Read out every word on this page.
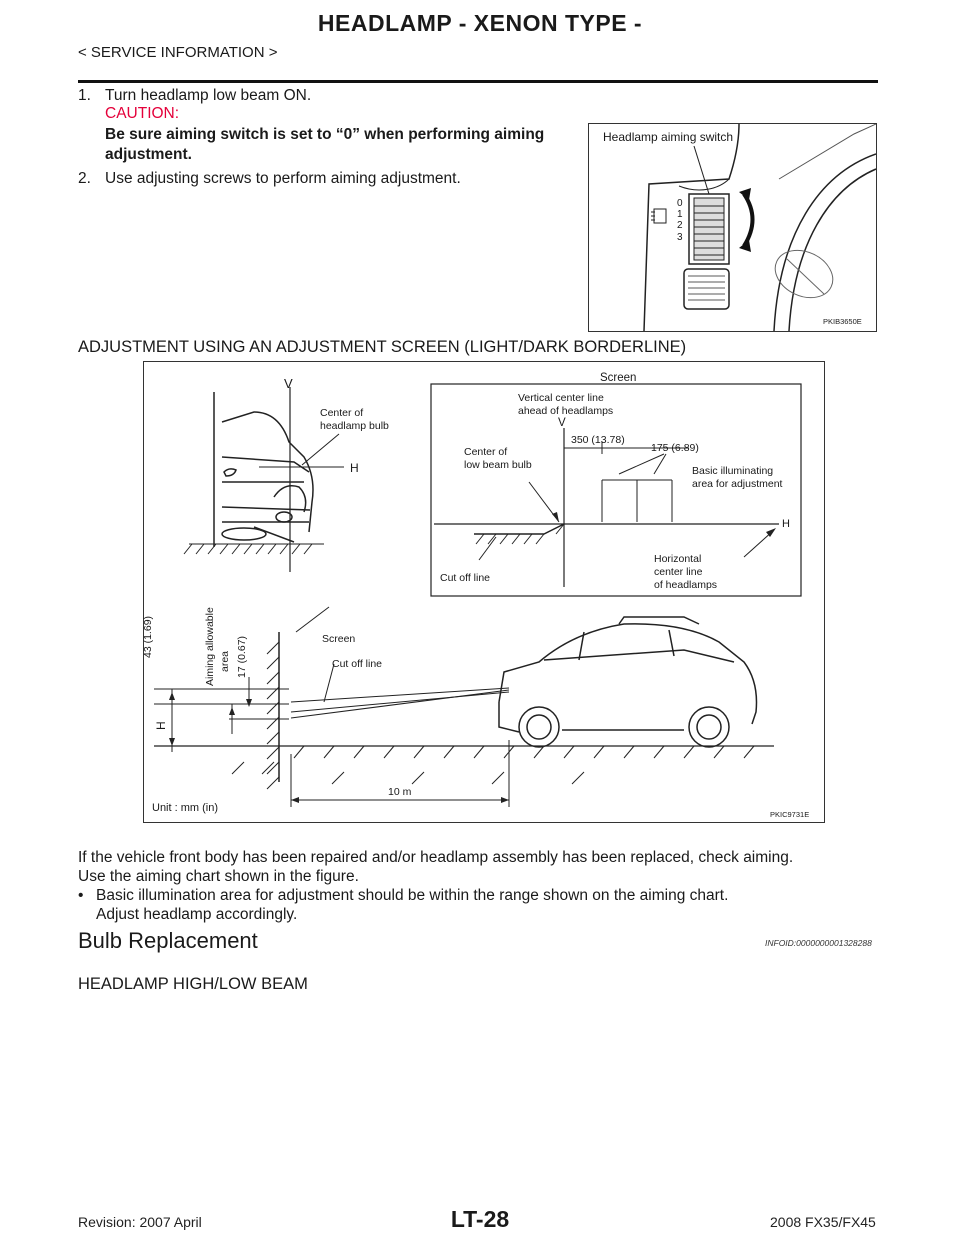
HEADLAMP - XENON TYPE -
< SERVICE INFORMATION >
1. Turn headlamp low beam ON.
CAUTION:
Be sure aiming switch is set to “0” when performing aiming
adjustment.
2. Use adjusting screws to perform aiming adjustment.
Headlamp aiming switch
0
1
2
3
PKIB3650E
ADJUSTMENT USING AN ADJUSTMENT SCREEN (LIGHT/DARK BORDERLINE)
V
Center of
headlamp bulb
H
Screen
Vertical center line
ahead of headlamps
V
350 (13.78)
175 (6.89)
Center of
low beam bulb	Basic illuminating
area for adjustment
H
Horizontal
center line
of headlamps
Cut off line
Screen
Cut off line
43 (1.69)	Aiming allowable area 17 (0.67)
H
10 m
Unit : mm (in)
PKIC9731E
If the vehicle front body has been repaired and/or headlamp assembly has been replaced, check aiming.
Use the aiming chart shown in the figure.
• Basic illumination area for adjustment should be within the range shown on the aiming chart.
Adjust headlamp accordingly.
Bulb Replacement	INFOID:0000000001328288
HEADLAMP HIGH/LOW BEAM
LT-28
Revision: 2007 April	2008 FX35/FX45
